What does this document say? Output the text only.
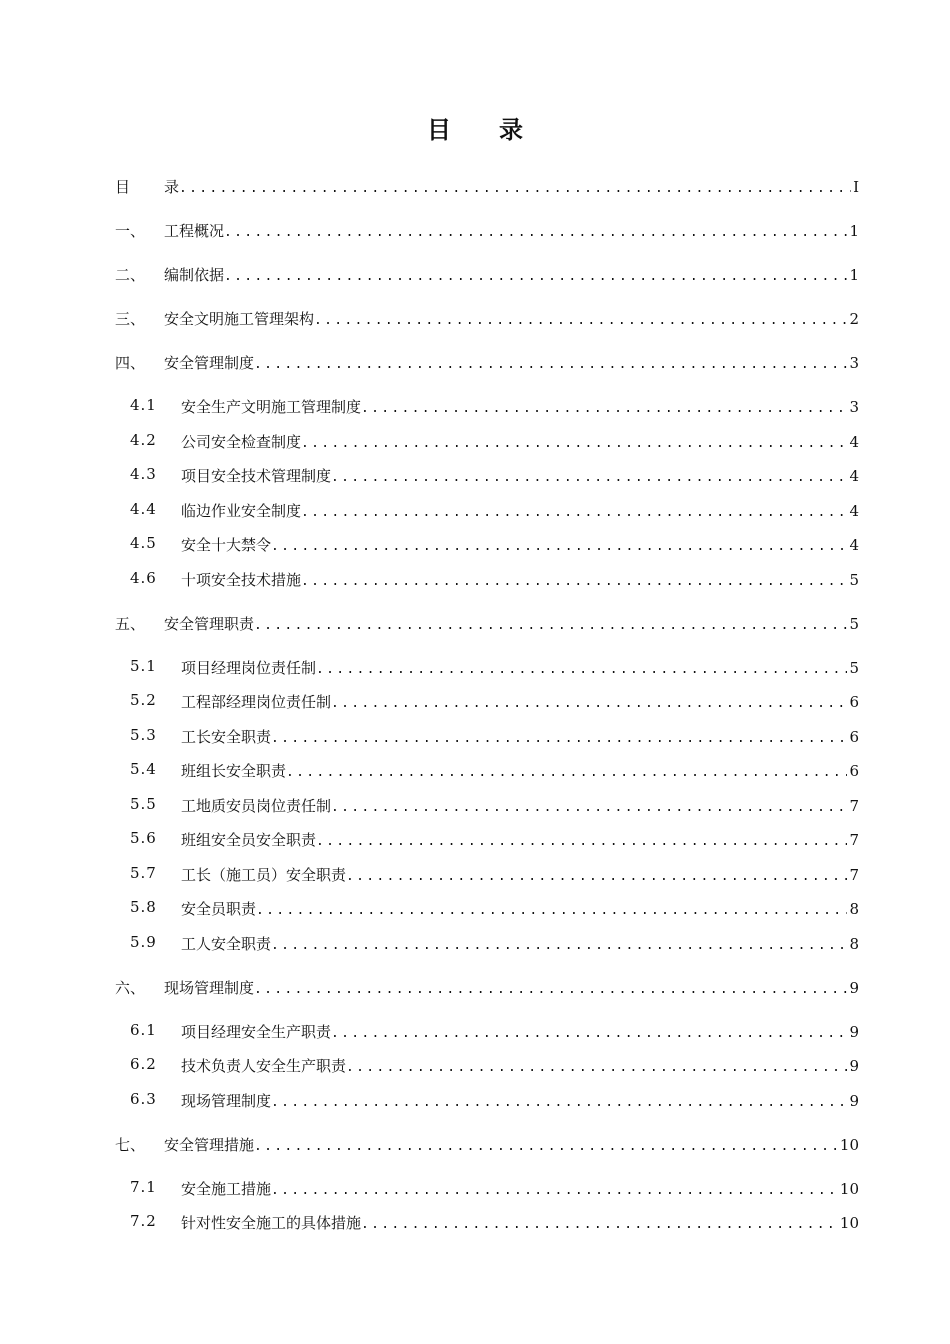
目 录
目 录 .....	I
一、 工程概况 .....	1
二、 编制依据 .....	1
三、 安全文明施工管理架构 .....	2
四、 安全管理制度 .....	3
4.1 安全生产文明施工管理制度 .....	3
4.2 公司安全检查制度 .....	4
4.3 项目安全技术管理制度 .....	4
4.4 临边作业安全制度 .....	4
4.5 安全十大禁令 .....	4
4.6 十项安全技术措施 .....	5
五、 安全管理职责 .....	5
5.1 项目经理岗位责任制 .....	5
5.2 工程部经理岗位责任制 .....	6
5.3 工长安全职责 .....	6
5.4 班组长安全职责 .....	6
5.5 工地质安员岗位责任制 .....	7
5.6 班组安全员安全职责 .....	7
5.7 工长（施工员）安全职责 .....	7
5.8 安全员职责 .....	8
5.9 工人安全职责 .....	8
六、 现场管理制度 .....	9
6.1 项目经理安全生产职责 .....	9
6.2 技术负责人安全生产职责 .....	9
6.3 现场管理制度 .....	9
七、 安全管理措施 .....	10
7.1 安全施工措施 .....	10
7.2 针对性安全施工的具体措施 .....	10
